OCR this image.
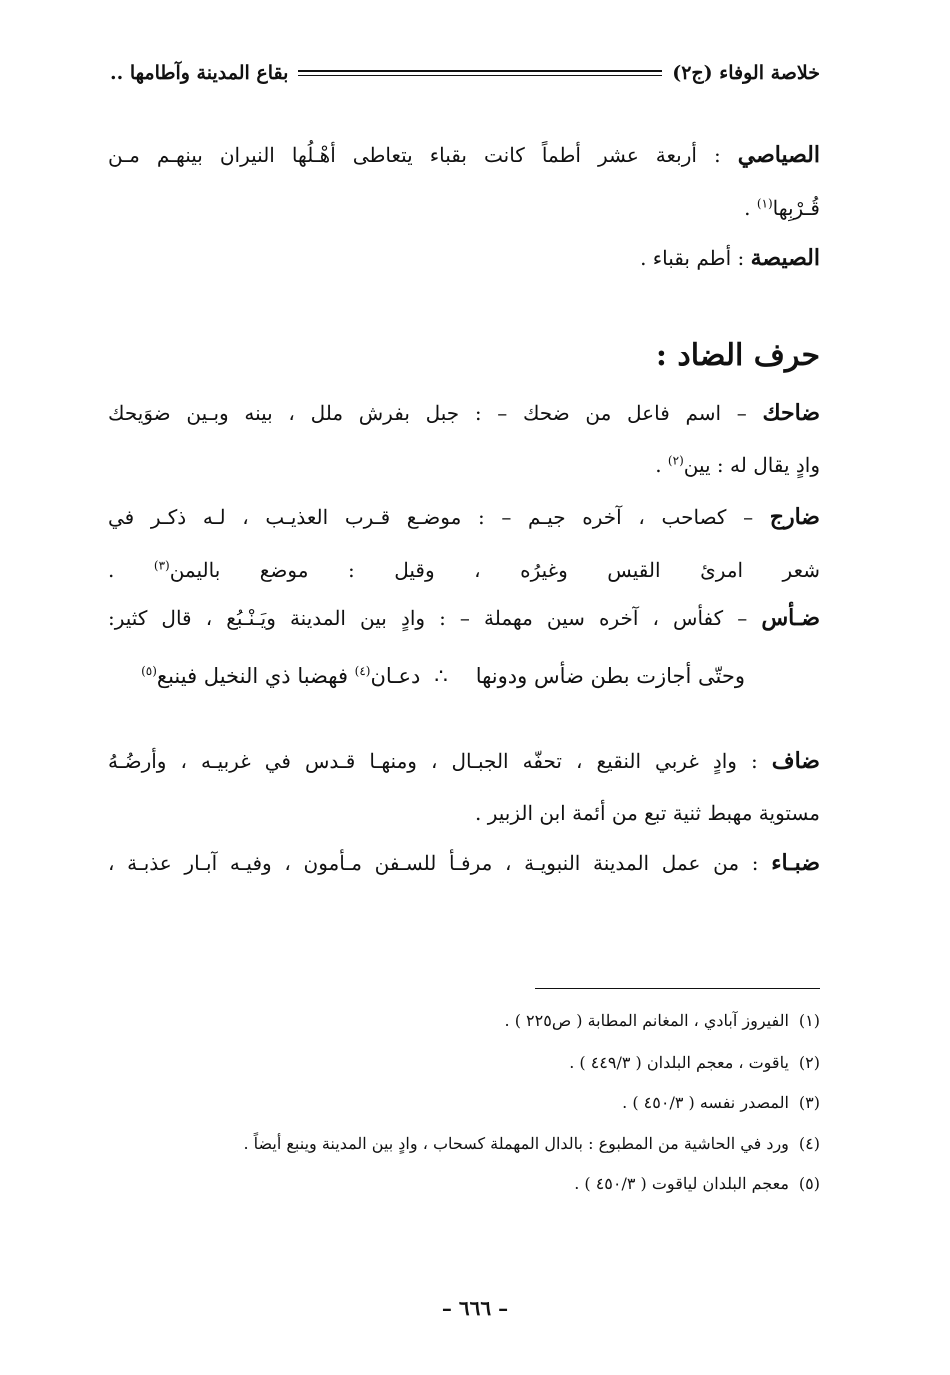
خلاصة الوفاء (ج٢)
بقاع المدينة وآطامها ..
الصياصي : أربعة عشر أطماً كانت بقباء يتعاطى أهْـلُها النيران بينهـم مـن
قُـرْبِها$^{(١)}$ .
الصيصة : أطم بقباء .
حرف الضاد :
ضاحك – اسم فاعل من ضحك – : جبل بفرش ملل ، بينه وبـين ضوَيحك
وادٍ يقال له : يين$^{(٢)}$ .
ضارج – كصاحب ، آخره جيـم – : موضـع قـرب العذيـب ، لـه ذكـر في
شعر امرئ القيس وغيرُه ، وقيل : موضع باليمن$^{(٣)}$ .
ضـأس – كفأس ، آخره سين مهملة – : وادٍ بين المدينة ويَـنْـبُع ، قال كثير:
وحتّى أجازت بطن ضأس ودونها
∴
دعـان$^{(٤)}$ فهضبا ذي النخيل فينبع$^{(٥)}$
ضاف : وادٍ غربي النقيع ، تحفّه الجبـال ، ومنهـا قـدس في غربيـه ، وأرضُـهُ
مستوية مهبط ثنية تبع من أئمة ابن الزبير .
ضبـاء : من عمل المدينة النبويـة ، مرفـأ للسـفن مـأمون ، وفيـه آبـار عذبـة ،
(١)الفيروز آبادي ، المغانم المطابة ( ص٢٢٥ ) .
(٢)ياقوت ، معجم البلدان ( ٤٤٩/٣ ) .
(٣)المصدر نفسه ( ٤٥٠/٣ ) .
(٤)ورد في الحاشية من المطبوع : بالدال المهملة كسحاب ، وادٍ بين المدينة وينبع أيضاً .
(٥)معجم البلدان لياقوت ( ٤٥٠/٣ ) .
– ٦٦٦ –
